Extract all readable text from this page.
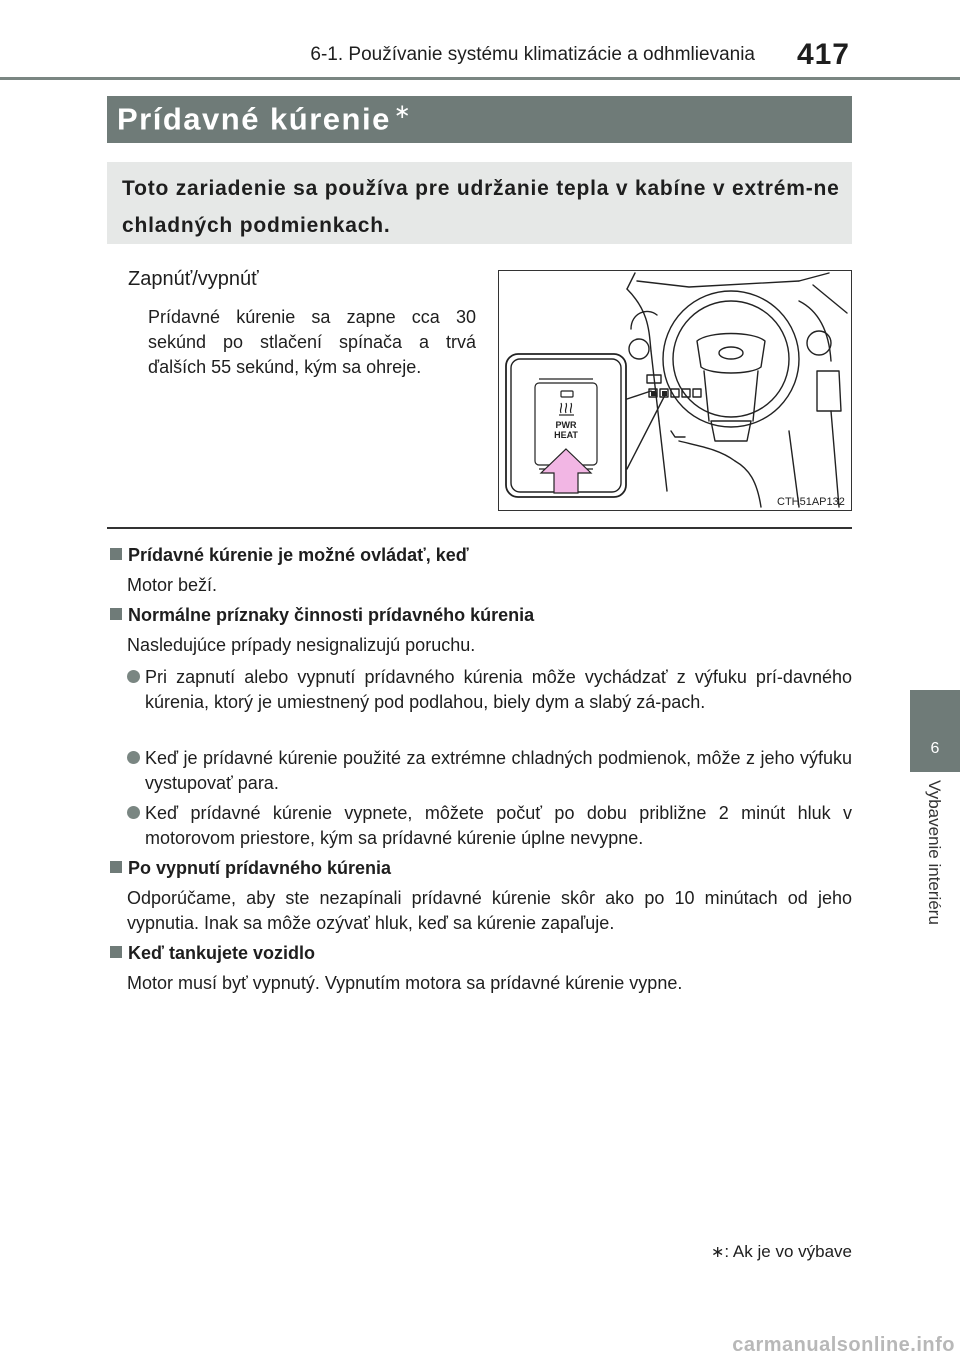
6-1. Používanie systému klimatizácie a odhmlievania	417
6
Vybavenie interiéru
Prídavné kúrenie ∗
Toto zariadenie sa používa pre udržanie tepla v kabíne v extrém-ne chladných podmienkach.
Zapnúť/vypnúť
Prídavné kúrenie sa zapne cca 30 sekúnd po stlačení spínača a trvá ďalších 55 sekúnd, kým sa ohreje.
PWR
HEAT
CTH51AP132
Prídavné kúrenie je možné ovládať, keď
Motor beží.
Normálne príznaky činnosti prídavného kúrenia
Nasledujúce prípady nesignalizujú poruchu.
Pri zapnutí alebo vypnutí prídavného kúrenia môže vychádzať z výfuku prí-davného kúrenia, ktorý je umiestnený pod podlahou, biely dym a slabý zá-pach.
Keď je prídavné kúrenie použité za extrémne chladných podmienok, môže z jeho výfuku vystupovať para.
Keď prídavné kúrenie vypnete, môžete počuť po dobu približne 2 minút hluk v motorovom priestore, kým sa prídavné kúrenie úplne nevypne.
Po vypnutí prídavného kúrenia
Odporúčame, aby ste nezapínali prídavné kúrenie skôr ako po 10 minútach od jeho vypnutia. Inak sa môže ozývať hluk, keď sa kúrenie zapaľuje.
Keď tankujete vozidlo
Motor musí byť vypnutý. Vypnutím motora sa prídavné kúrenie vypne.
∗: Ak je vo výbave
carmanualsonline.info
